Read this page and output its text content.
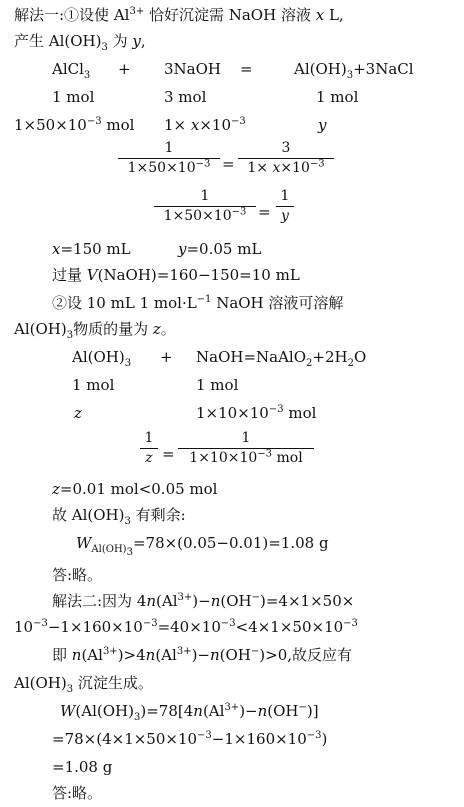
解法一:①设使 $Al^{3+}$ 恰好沉淀需 NaOH 溶液 x L,
产生 $Al(OH)_3$ 为 y,
AlCl$_3$ + 3NaOH =	$Al(OH)_3+3NaCl$
1 mol	3 mol	1 mol
$1\times 50\times 10^{-3}$ mol $1\times x\times 10^{-3}$	y
1
$1\times 50\times 10^{-3}$ =
3
$1\times x\times 10^{-3}$
1
$1\times 50\times 10^{-3}$ =
1
y
x=150 mL	y=0.05 mL
过量 V(NaOH)=160−150=10 mL
②设 10 mL 1 $mol\cdot L^{-1}$ NaOH 溶液可溶解
$Al(OH)_3$物质的量为 z。
$Al(OH)_3$ + $NaOH=NaAlO_2+2H_2O$
1 mol	1 mol
z	$1\times 10\times 10^{-3}$ mol
1
z =
1
$1\times 10\times 10^{-3}$ mol
z=0.01 mol<0.05 mol
故 $Al(OH)_3$ 有剩余:
$W_{Al(OH)_3}=78\times(0.05-0.01)=1.08$ g
答:略。
解法二:因为 $4n(Al^{3+})-n(OH^-)=4\times 1\times 50\times$
$10^{-3}-1\times 160\times 10^{-3}=40\times 10^{-3}<4\times 1\times 50\times 10^{-3}$
即 $n(Al^{3+})>4n(Al^{3+})-n(OH^-)>0$,故反应有
$Al(OH)_3$ 沉淀生成。
$W(Al(OH)_3)=78[4n(Al^{3+})-n(OH^-)]$
$=78\times(4\times 1\times 50\times 10^{-3}-1\times 160\times 10^{-3})$
=1.08 g
答:略。
